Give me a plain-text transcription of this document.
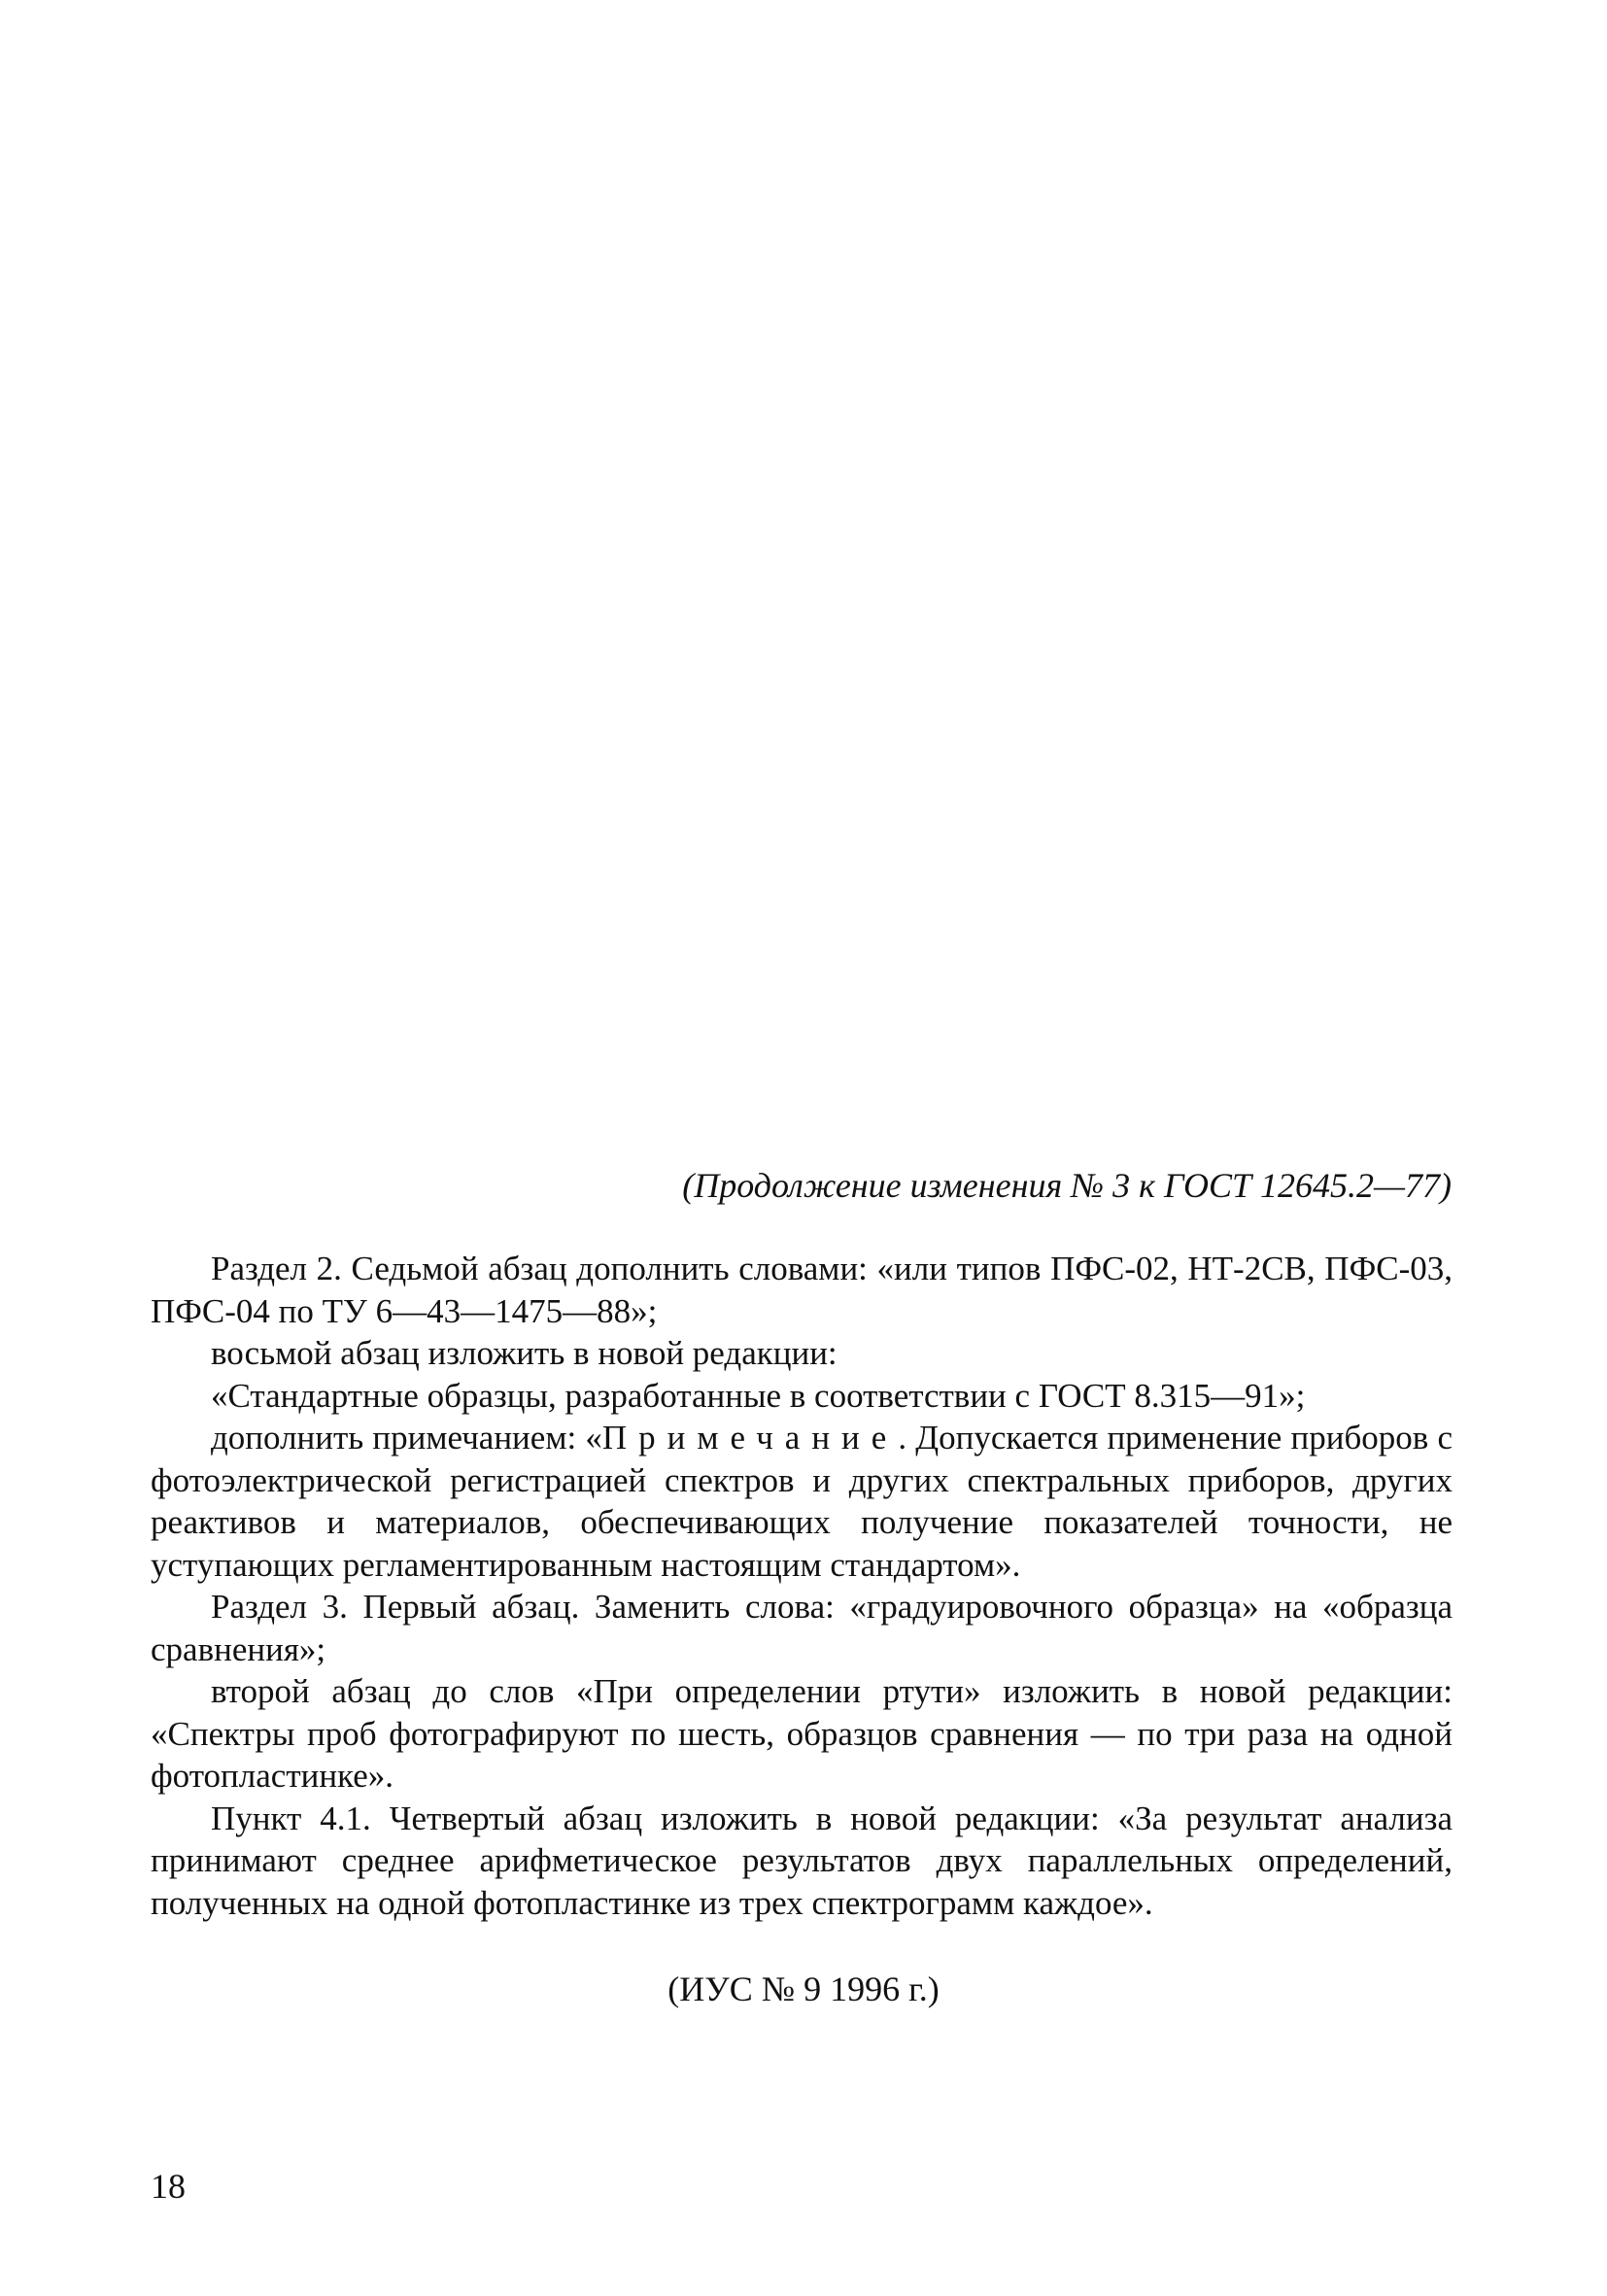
(Продолжение изменения № 3 к ГОСТ 12645.2—77)

Раздел 2. Седьмой абзац дополнить словами: «или типов ПФС-02, НТ-2СВ, ПФС-03, ПФС-04 по ТУ 6—43—1475—88»;

восьмой абзац изложить в новой редакции:

«Стандартные образцы, разработанные в соответствии с ГОСТ 8.315—91»;

дополнить примечанием: «Примечание. Допускается применение приборов с фотоэлектрической регистрацией спектров и других спектральных приборов, других реактивов и материалов, обеспечивающих получение показателей точности, не уступающих регламентированным настоящим стандартом».

Раздел 3. Первый абзац. Заменить слова: «градуировочного образца» на «образца сравнения»;

второй абзац до слов «При определении ртути» изложить в новой редакции: «Спектры проб фотографируют по шесть, образцов сравнения — по три раза на одной фотопластинке».

Пункт 4.1. Четвертый абзац изложить в новой редакции: «За результат анализа принимают среднее арифметическое результатов двух параллельных определений, полученных на одной фотопластинке из трех спектрограмм каждое».

(ИУС № 9 1996 г.)
18
